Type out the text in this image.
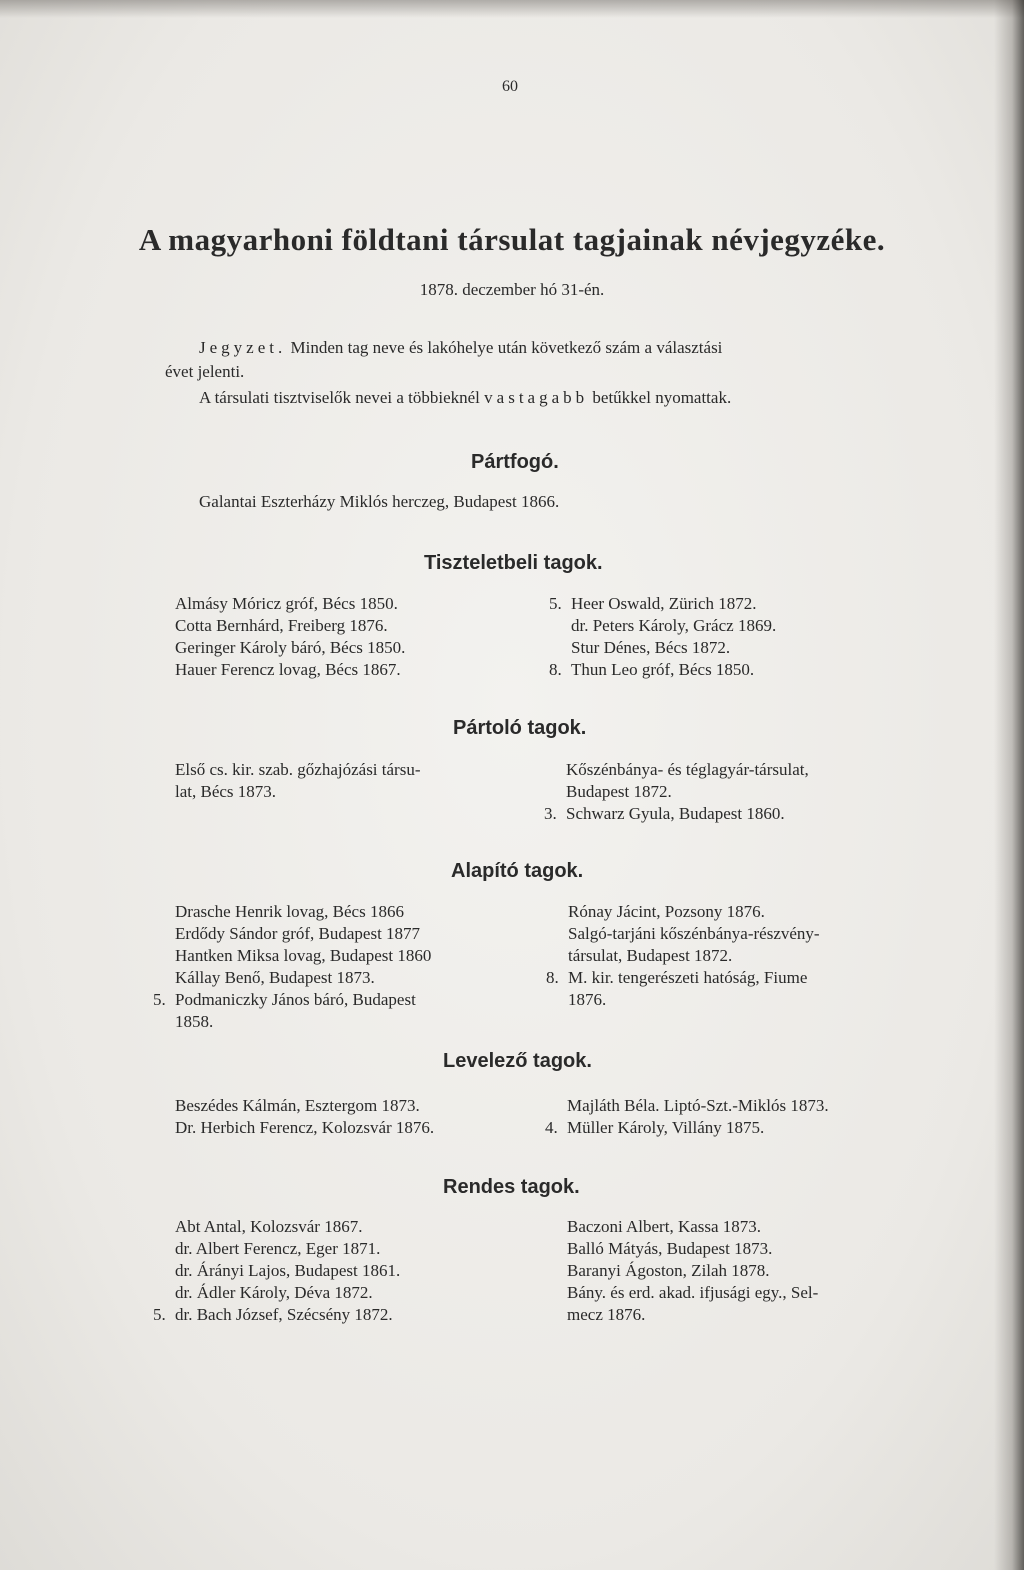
60
A magyarhoni földtani társulat tagjainak névjegyzéke.
1878. deczember hó 31-én.
Jegyzet. Minden tag neve és lakóhelye után következő szám a választási
évet jelenti.
A társulati tisztviselők nevei a többieknél vastagabb betűkkel nyomattak.
Pártfogó.
Galantai Eszterházy Miklós herczeg, Budapest 1866.
Tiszteletbeli tagok.
Almásy Móricz gróf, Bécs 1850.
Cotta Bernhárd, Freiberg 1876.
Geringer Károly báró, Bécs 1850.
Hauer Ferencz lovag, Bécs 1867.
5. Heer Oswald, Zürich 1872.
dr. Peters Károly, Grácz 1869.
Stur Dénes, Bécs 1872.
8. Thun Leo gróf, Bécs 1850.
Pártoló tagok.
Első cs. kir. szab. gőzhajózási társu-
lat, Bécs 1873.
Kőszénbánya- és téglagyár-társulat,
Budapest 1872.
3. Schwarz Gyula, Budapest 1860.
Alapító tagok.
Drasche Henrik lovag, Bécs 1866
Erdődy Sándor gróf, Budapest 1877
Hantken Miksa lovag, Budapest 1860
Kállay Benő, Budapest 1873.
5. Podmaniczky János báró, Budapest
1858.
Rónay Jácint, Pozsony 1876.
Salgó-tarjáni kőszénbánya-részvény-
társulat, Budapest 1872.
8. M. kir. tengerészeti hatóság, Fiume
1876.
Levelező tagok.
Beszédes Kálmán, Esztergom 1873.
Dr. Herbich Ferencz, Kolozsvár 1876.
Majláth Béla. Liptó-Szt.-Miklós 1873.
4. Müller Károly, Villány 1875.
Rendes tagok.
Abt Antal, Kolozsvár 1867.
dr. Albert Ferencz, Eger 1871.
dr. Árányi Lajos, Budapest 1861.
dr. Ádler Károly, Déva 1872.
5. dr. Bach József, Szécsény 1872.
Baczoni Albert, Kassa 1873.
Balló Mátyás, Budapest 1873.
Baranyi Ágoston, Zilah 1878.
Bány. és erd. akad. ifjusági egy., Sel-
mecz 1876.
